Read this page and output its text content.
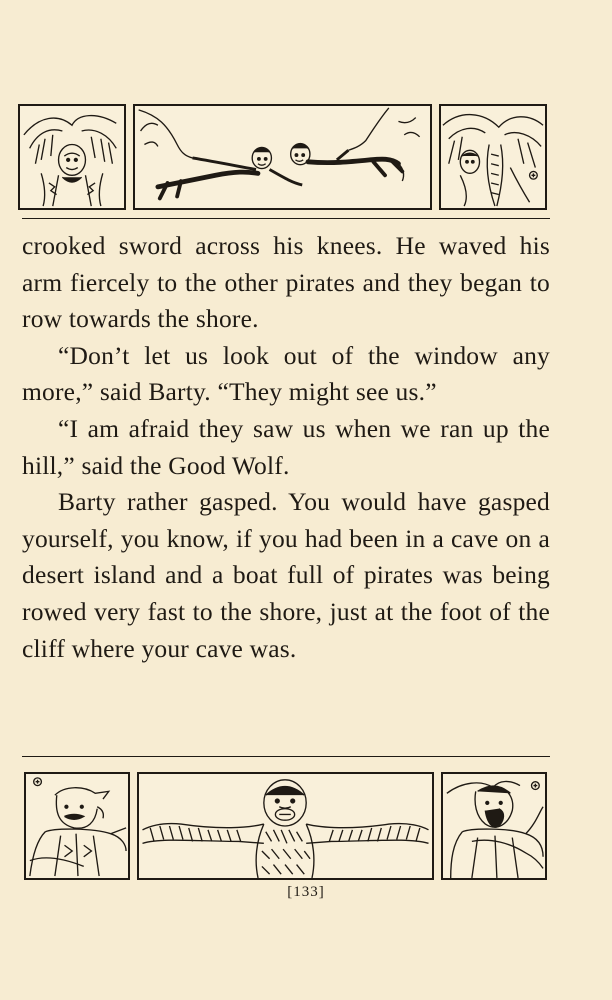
crooked sword across his knees. He waved his arm fiercely to the other pirates and they began to row towards the shore.

“Don’t let us look out of the window any more,” said Barty. “They might see us.”

“I am afraid they saw us when we ran up the hill,” said the Good Wolf.

Barty rather gasped. You would have gasped yourself, you know, if you had been in a cave on a desert island and a boat full of pirates was being rowed very fast to the shore, just at the foot of the cliff where your cave was.

[133]
